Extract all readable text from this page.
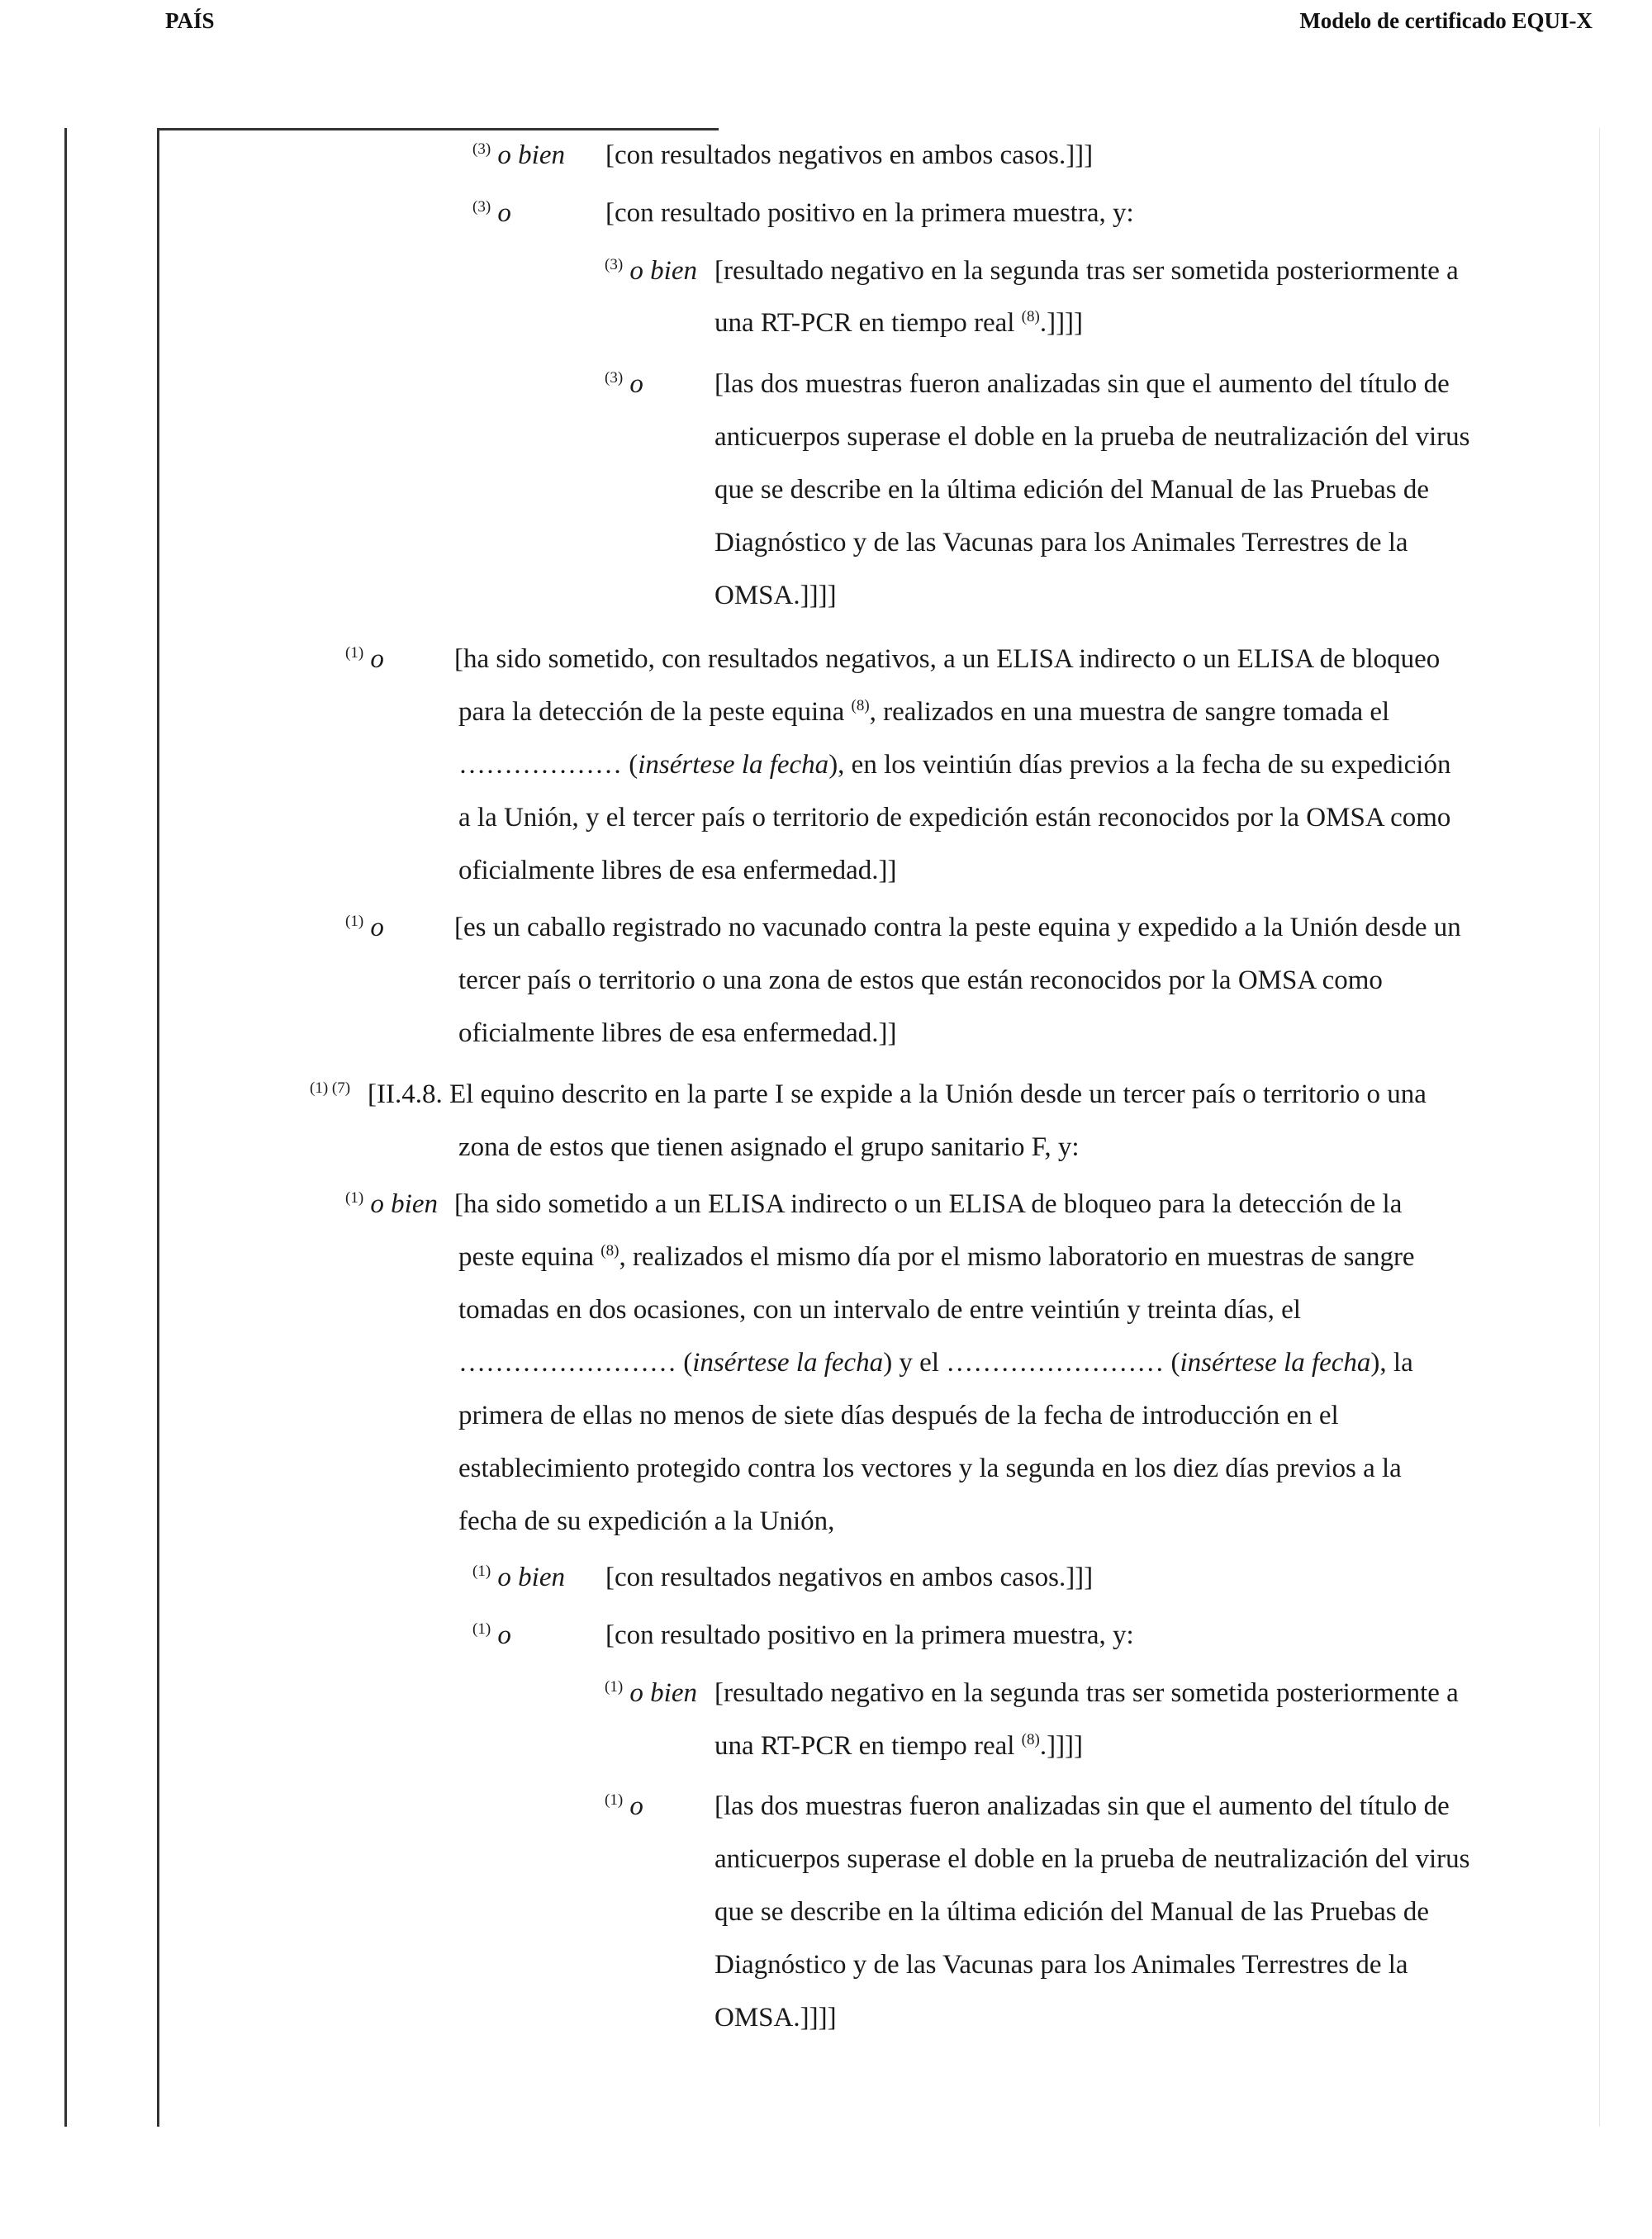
PAÍS	Modelo de certificado EQUI-X
$^{(3)}$ o bien
$^{(3)}$ o
$^{(3)}$ o bien
$^{(3)}$ o
$^{(1)}$ o
$^{(1)}$ o
$^{(1) (7)}$
$^{(1)}$ o bien
$^{(1)}$ o bien
$^{(1)}$ o
$^{(1)}$ o bien
$^{(1)}$ o
[con resultados negativos en ambos casos.]]]
[con resultado positivo en la primera muestra, y:
[resultado negativo en la segunda tras ser sometida posteriormente a
una RT-PCR en tiempo real $^{(8)}$.]]]]
[las dos muestras fueron analizadas sin que el aumento del título de
anticuerpos superase el doble en la prueba de neutralización del virus
que se describe en la última edición del Manual de las Pruebas de
Diagnóstico y de las Vacunas para los Animales Terrestres de la
OMSA.]]]]
[ha sido sometido, con resultados negativos, a un ELISA indirecto o un ELISA de bloqueo
para la detección de la peste equina $^{(8)}$, realizados en una muestra de sangre tomada el
……………… (insértese la fecha), en los veintiún días previos a la fecha de su expedición
a la Unión, y el tercer país o territorio de expedición están reconocidos por la OMSA como
oficialmente libres de esa enfermedad.]]
[es un caballo registrado no vacunado contra la peste equina y expedido a la Unión desde un
tercer país o territorio o una zona de estos que están reconocidos por la OMSA como
oficialmente libres de esa enfermedad.]]
[II.4.8. El equino descrito en la parte I se expide a la Unión desde un tercer país o territorio o una
zona de estos que tienen asignado el grupo sanitario F, y:
[ha sido sometido a un ELISA indirecto o un ELISA de bloqueo para la detección de la
peste equina $^{(8)}$, realizados el mismo día por el mismo laboratorio en muestras de sangre
tomadas en dos ocasiones, con un intervalo de entre veintiún y treinta días, el
…………………… (insértese la fecha) y el …………………… (insértese la fecha), la
primera de ellas no menos de siete días después de la fecha de introducción en el
establecimiento protegido contra los vectores y la segunda en los diez días previos a la
fecha de su expedición a la Unión,
[con resultados negativos en ambos casos.]]]
[con resultado positivo en la primera muestra, y:
[resultado negativo en la segunda tras ser sometida posteriormente a
una RT-PCR en tiempo real $^{(8)}$.]]]]
[las dos muestras fueron analizadas sin que el aumento del título de
anticuerpos superase el doble en la prueba de neutralización del virus
que se describe en la última edición del Manual de las Pruebas de
Diagnóstico y de las Vacunas para los Animales Terrestres de la
OMSA.]]]]
